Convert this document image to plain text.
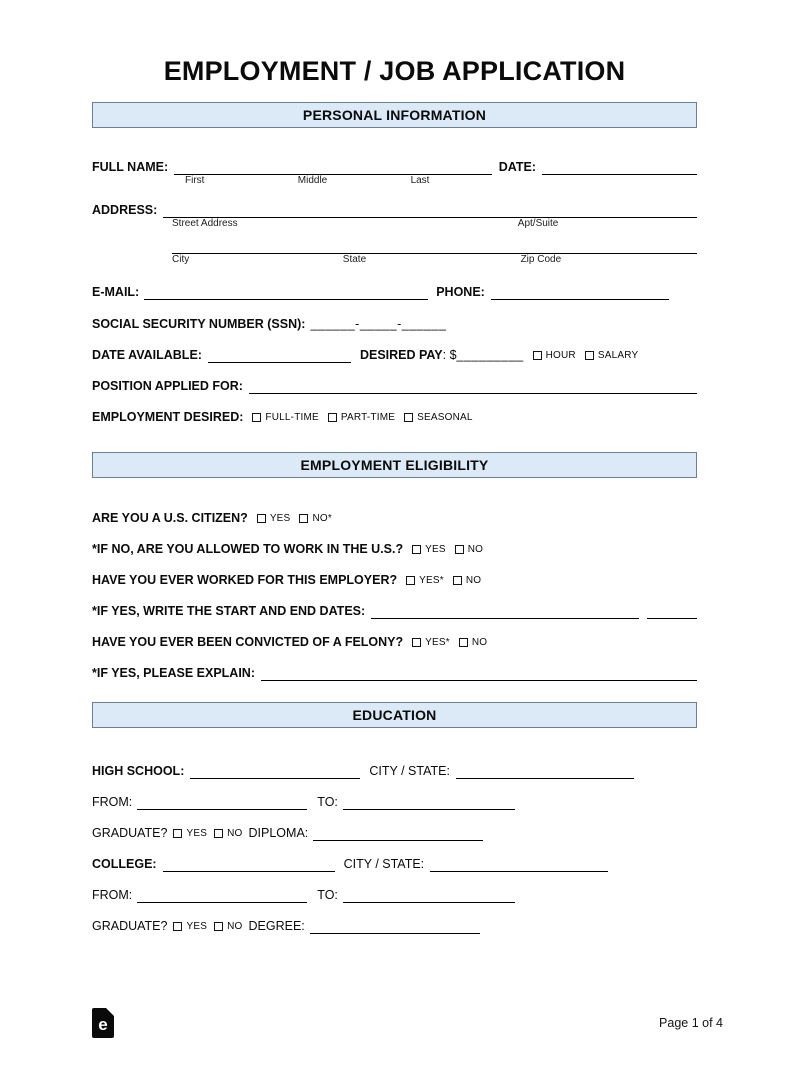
EMPLOYMENT / JOB APPLICATION
PERSONAL INFORMATION
FULL NAME:	DATE:
First	Middle	Last
ADDRESS:
Street Address	Apt/Suite
City	State	Zip Code
E-MAIL:	PHONE:
SOCIAL SECURITY NUMBER (SSN): ______-_____-______
DATE AVAILABLE:	DESIRED PAY : $ _________ HOUR SALARY
POSITION APPLIED FOR:
EMPLOYMENT DESIRED: FULL-TIME PART-TIME SEASONAL
EMPLOYMENT ELIGIBILITY
ARE YOU A U.S. CITIZEN? YES NO*
*IF NO, ARE YOU ALLOWED TO WORK IN THE U.S.? YES NO
HAVE YOU EVER WORKED FOR THIS EMPLOYER? YES* NO
*IF YES, WRITE THE START AND END DATES:
HAVE YOU EVER BEEN CONVICTED OF A FELONY? YES* NO
*IF YES, PLEASE EXPLAIN:
EDUCATION
HIGH SCHOOL:	CITY / STATE:
FROM:	TO:
GRADUATE? YES NO DIPLOMA:
COLLEGE:	CITY / STATE:
FROM:	TO:
GRADUATE? YES NO DEGREE:
e	Page 1 of 4
